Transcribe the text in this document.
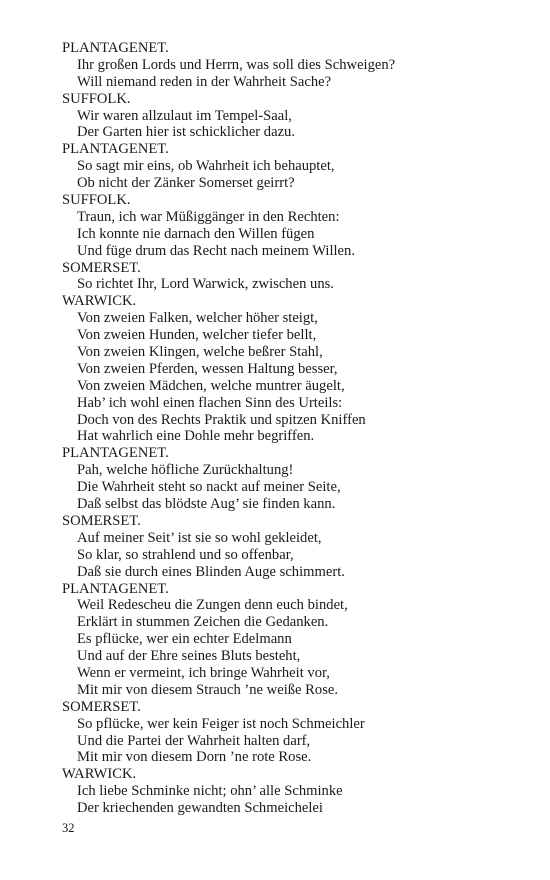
PLANTAGENET.
Ihr großen Lords und Herrn, was soll dies Schweigen?
Will niemand reden in der Wahrheit Sache?
SUFFOLK.
Wir waren allzulaut im Tempel-Saal,
Der Garten hier ist schicklicher dazu.
PLANTAGENET.
So sagt mir eins, ob Wahrheit ich behauptet,
Ob nicht der Zänker Somerset geirrt?
SUFFOLK.
Traun, ich war Müßiggänger in den Rechten:
Ich konnte nie darnach den Willen fügen
Und füge drum das Recht nach meinem Willen.
SOMERSET.
So richtet Ihr, Lord Warwick, zwischen uns.
WARWICK.
Von zweien Falken, welcher höher steigt,
Von zweien Hunden, welcher tiefer bellt,
Von zweien Klingen, welche beßrer Stahl,
Von zweien Pferden, wessen Haltung besser,
Von zweien Mädchen, welche muntrer äugelt,
Hab’ ich wohl einen flachen Sinn des Urteils:
Doch von des Rechts Praktik und spitzen Kniffen
Hat wahrlich eine Dohle mehr begriffen.
PLANTAGENET.
Pah, welche höfliche Zurückhaltung!
Die Wahrheit steht so nackt auf meiner Seite,
Daß selbst das blödste Aug’ sie finden kann.
SOMERSET.
Auf meiner Seit’ ist sie so wohl gekleidet,
So klar, so strahlend und so offenbar,
Daß sie durch eines Blinden Auge schimmert.
PLANTAGENET.
Weil Redescheu die Zungen denn euch bindet,
Erklärt in stummen Zeichen die Gedanken.
Es pflücke, wer ein echter Edelmann
Und auf der Ehre seines Bluts besteht,
Wenn er vermeint, ich bringe Wahrheit vor,
Mit mir von diesem Strauch ’ne weiße Rose.
SOMERSET.
So pflücke, wer kein Feiger ist noch Schmeichler
Und die Partei der Wahrheit halten darf,
Mit mir von diesem Dorn ’ne rote Rose.
WARWICK.
Ich liebe Schminke nicht; ohn’ alle Schminke
Der kriechenden gewandten Schmeichelei
32
